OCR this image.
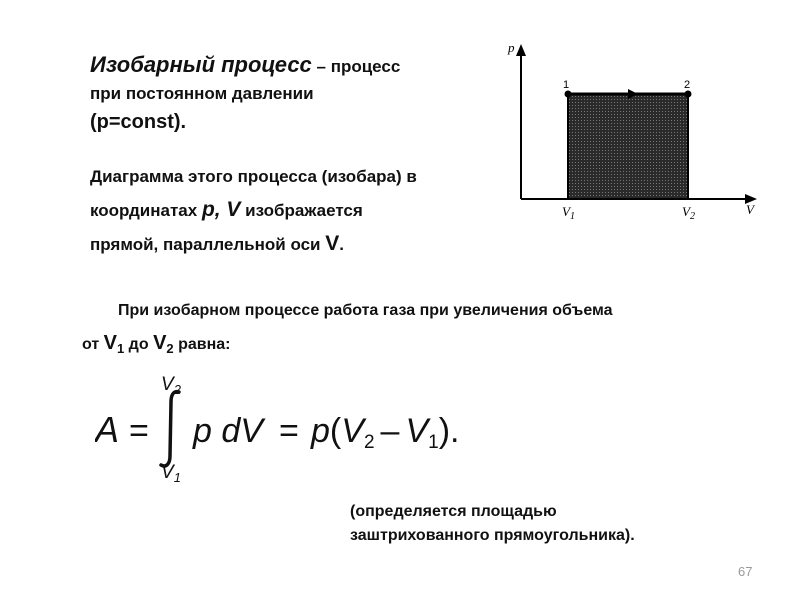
Изобарный процесс – процесс
при постоянном давлении
(p=const).
Диаграмма этого процесса (изобара) в
координатах p, V изображается
прямой, параллельной оси V.
p
V
1	2
$V_1$	$V_2$
При изобарном процессе работа газа при увеличения объема
от $V_1$ до $V_2$ равна:
A =
$V_2$
$V_1$
p dV = p(V2 – V1).
(определяется площадью
заштрихованного прямоугольника).
67
